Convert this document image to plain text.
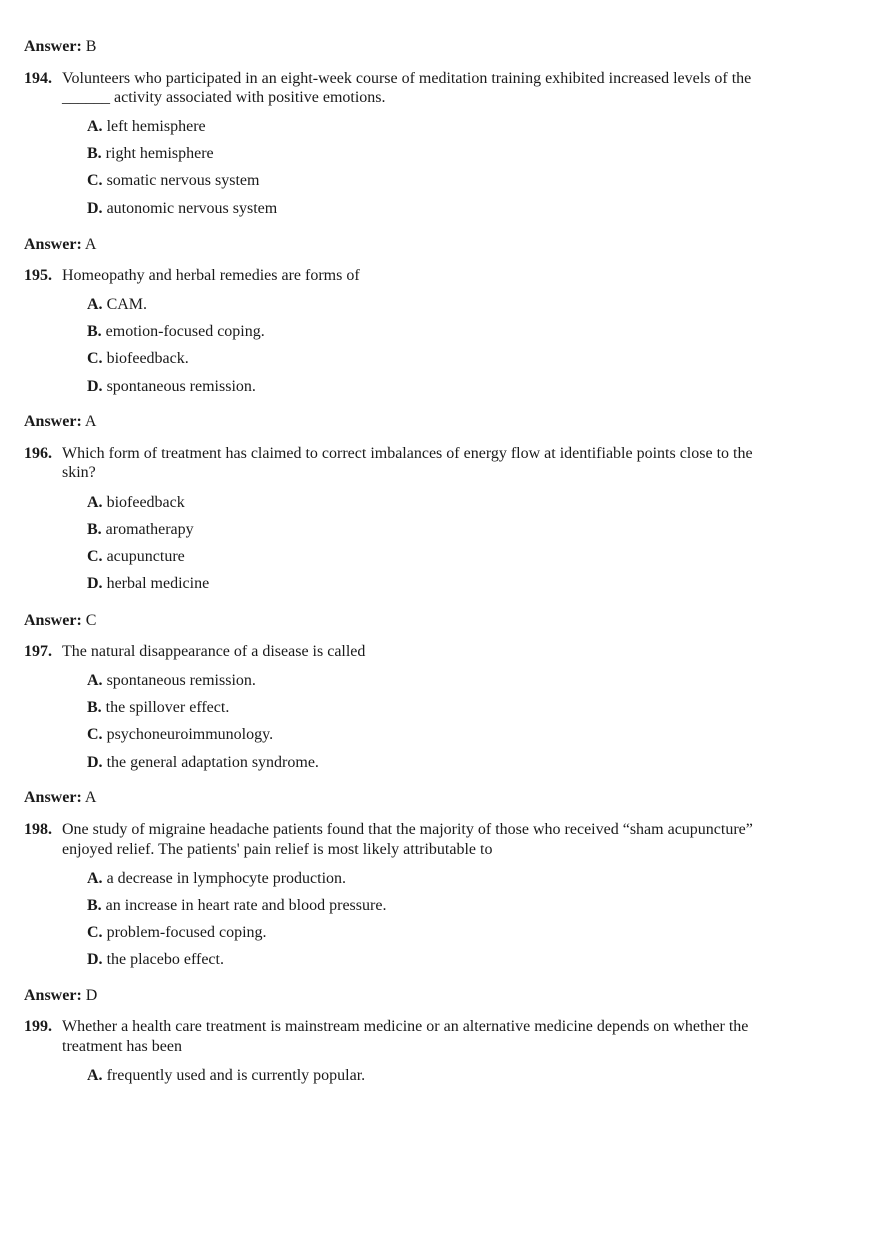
Answer: B
194. Volunteers who participated in an eight-week course of meditation training exhibited increased levels of the
______ activity associated with positive emotions.
A. left hemisphere
B. right hemisphere
C. somatic nervous system
D. autonomic nervous system
Answer: A
195. Homeopathy and herbal remedies are forms of
A. CAM.
B. emotion-focused coping.
C. biofeedback.
D. spontaneous remission.
Answer: A
196. Which form of treatment has claimed to correct imbalances of energy flow at identifiable points close to the
skin?
A. biofeedback
B. aromatherapy
C. acupuncture
D. herbal medicine
Answer: C
197. The natural disappearance of a disease is called
A. spontaneous remission.
B. the spillover effect.
C. psychoneuroimmunology.
D. the general adaptation syndrome.
Answer: A
198. One study of migraine headache patients found that the majority of those who received “sham acupuncture”
enjoyed relief. The patients' pain relief is most likely attributable to
A. a decrease in lymphocyte production.
B. an increase in heart rate and blood pressure.
C. problem-focused coping.
D. the placebo effect.
Answer: D
199. Whether a health care treatment is mainstream medicine or an alternative medicine depends on whether the
treatment has been
A. frequently used and is currently popular.
